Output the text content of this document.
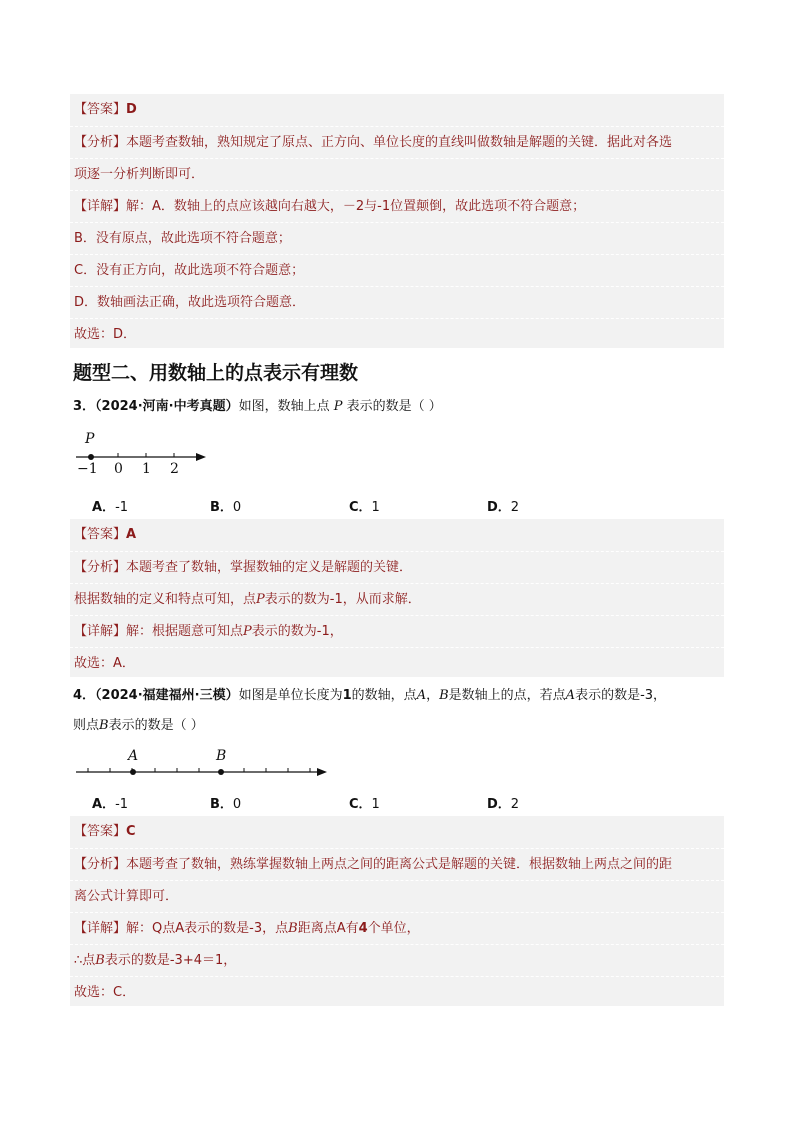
【答案】D
【分析】本题考查数轴，熟知规定了原点、正方向、单位长度的直线叫做数轴是解题的关键．据此对各选
项逐一分析判断即可．
【详解】解：A．数轴上的点应该越向右越大，－2与-1位置颠倒，故此选项不符合题意；
B．没有原点，故此选项不符合题意；
C．没有正方向，故此选项不符合题意；
D．数轴画法正确，故此选项符合题意．
故选：D．
题型二、用数轴上的点表示有理数
3．（2024·河南·中考真题）如图，数轴上点 P 表示的数是（ ）
P
−1 0 1 2
A．-1	B．0	C．1	D．2
【答案】A
【分析】本题考查了数轴，掌握数轴的定义是解题的关键．
根据数轴的定义和特点可知，点P表示的数为-1，从而求解．
【详解】解：根据题意可知点P表示的数为-1，
故选：A．
4．（2024·福建福州·三模）如图是单位长度为1的数轴，点A，B是数轴上的点，若点A表示的数是-3，
则点B表示的数是（ ）
A	B
A．-1	B．0	C．1	D．2
【答案】C
【分析】本题考查了数轴，熟练掌握数轴上两点之间的距离公式是解题的关键．根据数轴上两点之间的距
离公式计算即可．
【详解】解：Q点A表示的数是-3，点B距离点A有4个单位，
∴点B表示的数是-3+4＝1，
故选：C．
